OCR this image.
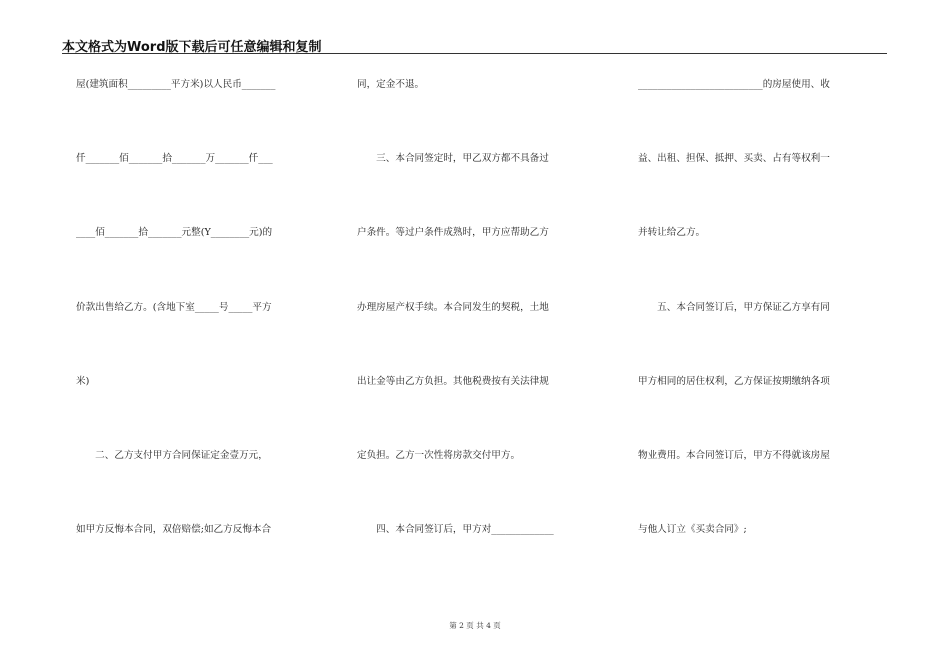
本文格式为Word版下载后可任意编辑和复制
屋(建筑面积_________平方米)以人民币_______
仟_______佰_______拾_______万_______仟___
____佰_______拾_______元整(Y________元)的
价款出售给乙方。(含地下室_____号_____平方
米)
　　二、乙方支付甲方合同保证定金壹万元，
如甲方反悔本合同，双倍赔偿;如乙方反悔本合
同，定金不退。
　　三、本合同签定时，甲乙双方都不具备过
户条件。等过户条件成熟时，甲方应帮助乙方
办理房屋产权手续。本合同发生的契税，土地
出让金等由乙方负担。其他税费按有关法律规
定负担。乙方一次性将房款交付甲方。
　　四、本合同签订后，甲方对_____________
__________________________的房屋使用、收
益、出租、担保、抵押、买卖、占有等权利一
并转让给乙方。
　　五、本合同签订后，甲方保证乙方享有同
甲方相同的居住权利，乙方保证按期缴纳各项
物业费用。本合同签订后，甲方不得就该房屋
与他人订立《买卖合同》;
第 2 页 共 4 页
